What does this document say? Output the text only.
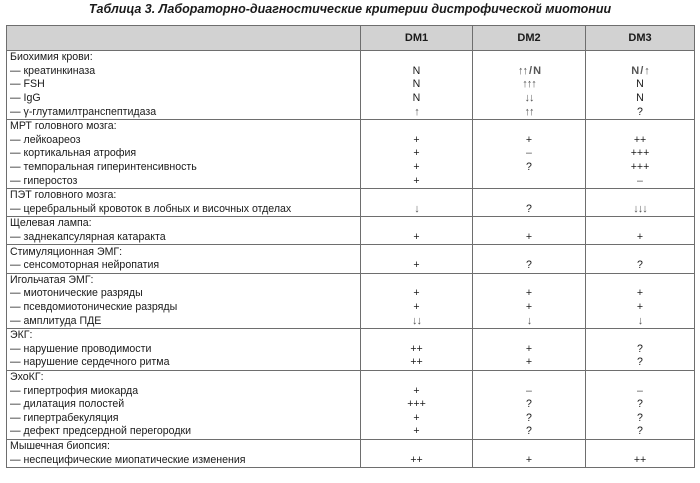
Таблица 3. Лабораторно-диагностические критерии дистрофической миотонии
	DM1	DM2	DM3
Биохимия крови:			
— креатинкиназа	N	↑↑ / N	N / ↑
— FSH	N	↑↑↑	N
— IgG	N	↓↓	N
— γ-глутамилтранспептидаза	↑	↑↑	?
МРТ головного мозга:			
— лейкоареоз	+	+	++
— кортикальная атрофия	+	–	+++
— темпоральная гиперинтенсивность	+	?	+++
— гиперостоз	+		–
ПЭТ головного мозга:			
— церебральный кровоток в лобных и височных отделах	↓	?	↓↓↓
Щелевая лампа:			
— заднекапсулярная катаракта	+	+	+
Стимуляционная ЭМГ:			
— сенсомоторная нейропатия	+	?	?
Игольчатая ЭМГ:			
— миотонические разряды	+	+	+
— псевдомиотонические разряды	+	+	+
— амплитуда ПДЕ	↓↓	↓	↓
ЭКГ:			
— нарушение проводимости	++	+	?
— нарушение сердечного ритма	++	+	?
ЭхоКГ:			
— гипертрофия миокарда	+	–	–
— дилатация полостей	+++	?	?
— гипертрабекуляция	+	?	?
— дефект предсердной перегородки	+	?	?
Мышечная биопсия:			
— неспецифические миопатические изменения	++	+	++
